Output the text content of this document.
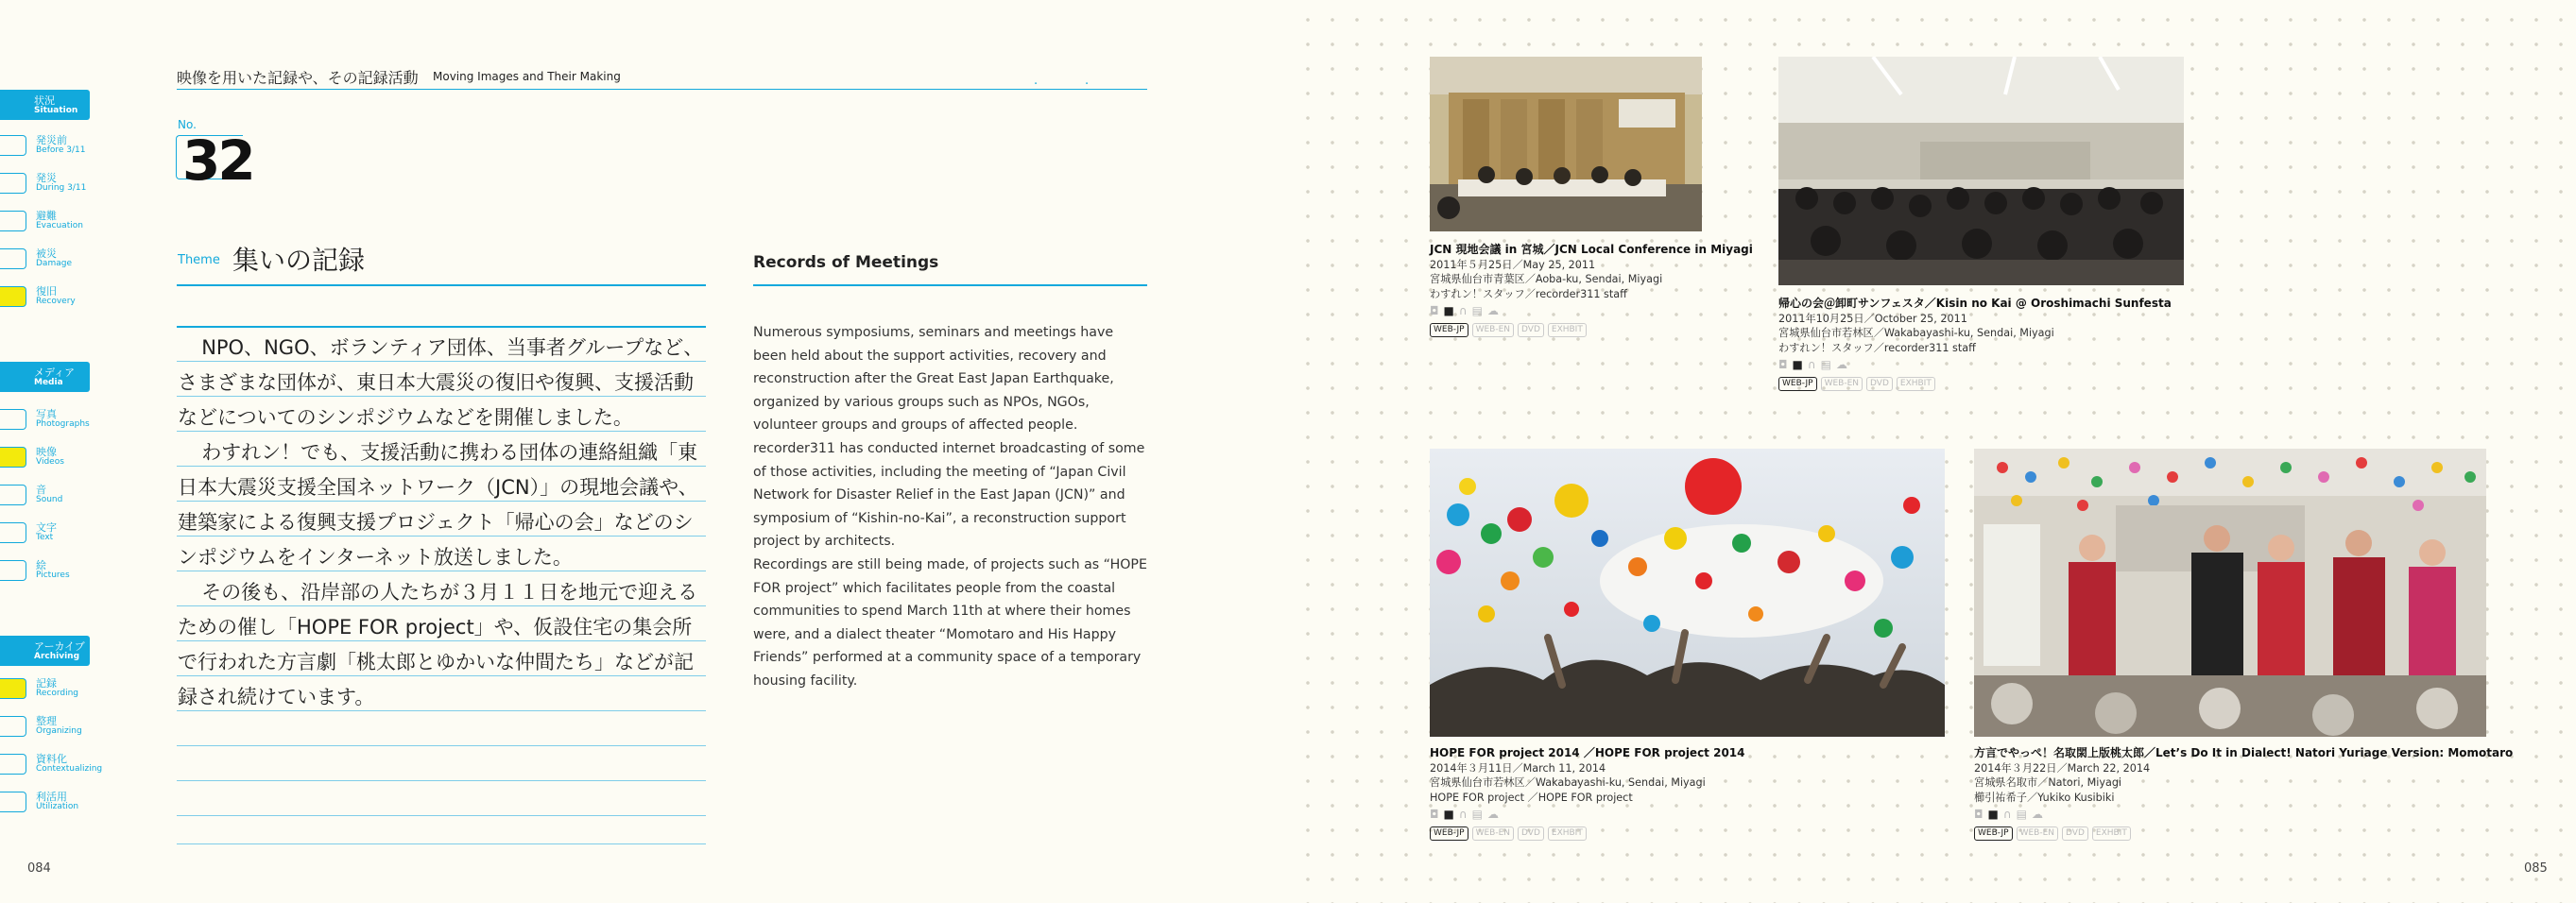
状況
Situation
発災前
Before 3/11
発災
During 3/11
避難
Evacuation
被災
Damage
復旧
Recovery
メディア
Media
写真
Photographs
映像
Videos
音
Sound
文字
Text
絵
Pictures
アーカイブ
Archiving
記録
Recording
整理
Organizing
資料化
Contextualizing
利活用
Utilization
映像を用いた記録や、その記録活動 Moving Images and Their Making	.	.
No.
32
Theme 集いの記録	Records of Meetings

NPO、NGO、ボランティア団体、当事者グループなど、さまざまな団体が、東日本大震災の復旧や復興、支援活動などについてのシンポジウムなどを開催しました。

わすれン！でも、支援活動に携わる団体の連絡組織「東日本大震災支援全国ネットワーク（JCN）」の現地会議や、建築家による復興支援プロジェクト「帰心の会」などのシンポジウムをインターネット放送しました。

その後も、沿岸部の人たちが３月１１日を地元で迎えるための催し「HOPE FOR project」や、仮設住宅の集会所で行われた方言劇「桃太郎とゆかいな仲間たち」などが記録され続けています。

Numerous symposiums, seminars and meetings have been held about the support activities, recovery and reconstruction after the Great East Japan Earthquake, organized by various groups such as NPOs, NGOs, volunteer groups and groups of affected people.

recorder311 has conducted internet broadcasting of some of those activities, including the meeting of “Japan Civil Network for Disaster Relief in the East Japan (JCN)” and symposium of “Kishin-no-Kai”, a reconstruction support project by architects.

Recordings are still being made, of projects such as “HOPE FOR project” which facilitates people from the coastal communities to spend March 11th at where their homes were, and a dialect theater “Momotaro and His Happy Friends” performed at a community space of a temporary housing facility.

084
JCN 現地会議 in 宮城／JCN Local Conference in Miyagi
2011年５月25日／May 25, 2011
宮城県仙台市青葉区／Aoba-ku, Sendai, Miyagi
わすれン！スタッフ／recorder311 staff
◘ ■ ∩ ▤ ☁
WEB-JP	WEB-EN	DVD	EXHBIT
帰心の会＠卸町サンフェスタ／Kisin no Kai @ Oroshimachi Sunfesta
2011年10月25日／October 25, 2011
宮城県仙台市若林区／Wakabayashi-ku, Sendai, Miyagi
わすれン！スタッフ／recorder311 staff
◘ ■ ∩ ▤ ☁
WEB-JP	WEB-EN	DVD	EXHBIT
HOPE FOR project 2014 ／HOPE FOR project 2014
2014年３月11日／March 11, 2014
宮城県仙台市若林区／Wakabayashi-ku, Sendai, Miyagi
HOPE FOR project ／HOPE FOR project
◘ ■ ∩ ▤ ☁
WEB-JP	WEB-EN	DVD	EXHBIT
方言でやっぺ！名取閖上版桃太郎／Let’s Do It in Dialect! Natori Yuriage Version: Momotaro
2014年３月22日／March 22, 2014
宮城県名取市／Natori, Miyagi
櫛引祐希子／Yukiko Kusibiki
◘ ■ ∩ ▤ ☁
WEB-JP	WEB-EN	DVD	EXHBIT
085
